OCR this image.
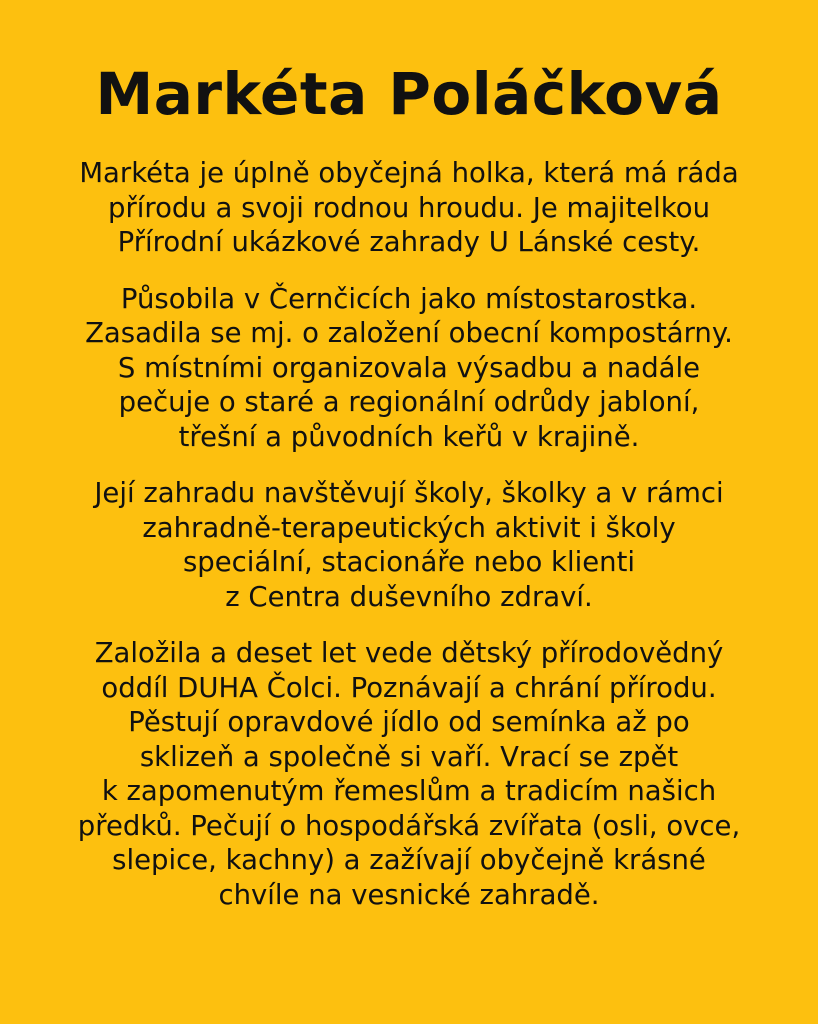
Markéta Poláčková

Markéta je úplně obyčejná holka, která má ráda
přírodu a svoji rodnou hroudu. Je majitelkou
Přírodní ukázkové zahrady U Lánské cesty.

Působila v Černčicích jako místostarostka.
Zasadila se mj. o založení obecní kompostárny.
S místními organizovala výsadbu a nadále
pečuje o staré a regionální odrůdy jabloní,
třešní a původních keřů v krajině.

Její zahradu navštěvují školy, školky a v rámci
zahradně-terapeutických aktivit i školy
speciální, stacionáře nebo klienti
z Centra duševního zdraví.

Založila a deset let vede dětský přírodovědný
oddíl DUHA Čolci. Poznávají a chrání přírodu.
Pěstují opravdové jídlo od semínka až po
sklizeň a společně si vaří. Vrací se zpět
k zapomenutým řemeslům a tradicím našich
předků. Pečují o hospodářská zvířata (osli, ovce,
slepice, kachny) a zažívají obyčejně krásné
chvíle na vesnické zahradě.
